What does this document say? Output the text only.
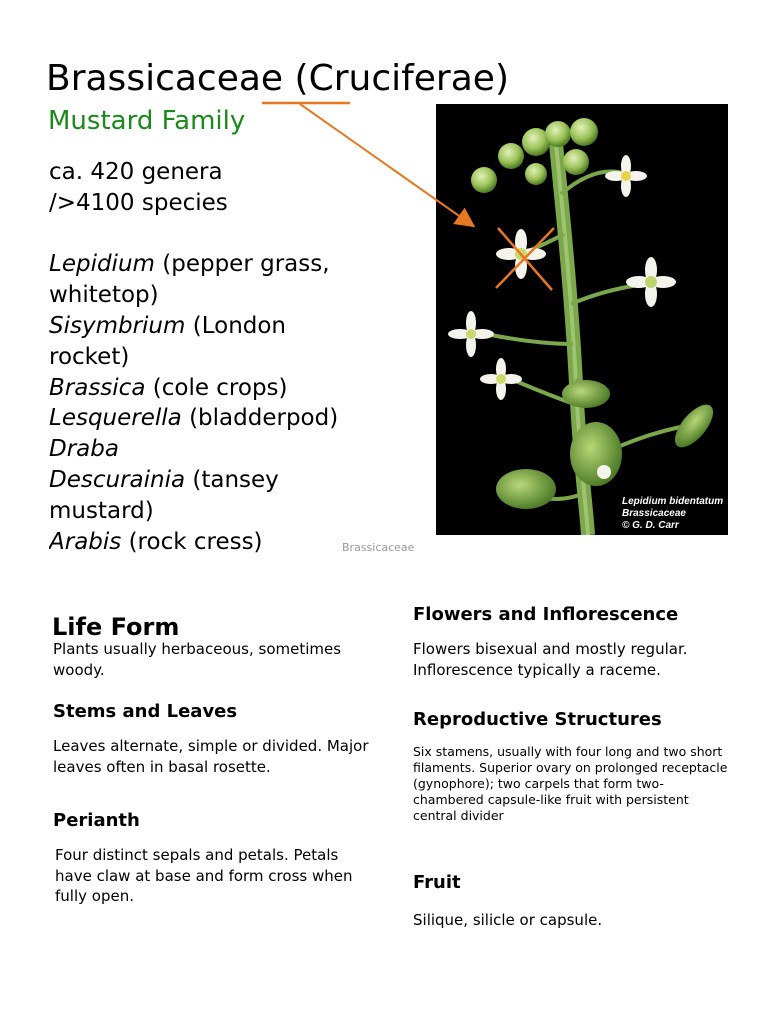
Brassicaceae (Cruciferae)
Mustard Family

ca. 420 genera

/>4100 species

Lepidium (pepper grass, whitetop)

Sisymbrium (London rocket)

Brassica (cole crops)

Lesquerella (bladderpod)

Draba

Descurainia (tansey mustard)

Arabis (rock cress)

Lepidium bidentatum
Brassicaceae
© G. D. Carr
Brassicaceae
Life Form

Plants usually herbaceous, sometimes woody.

Stems and Leaves

Leaves alternate, simple or divided. Major leaves often in basal rosette.

Perianth

Four distinct sepals and petals. Petals have claw at base and form cross when fully open.

Flowers and Inflorescence

Flowers bisexual and mostly regular. Inflorescence typically a raceme.

Reproductive Structures

Six stamens, usually with four long and two short filaments. Superior ovary on prolonged receptacle (gynophore); two carpels that form two-chambered capsule-like fruit with persistent central divider

Fruit

Silique, silicle or capsule.
